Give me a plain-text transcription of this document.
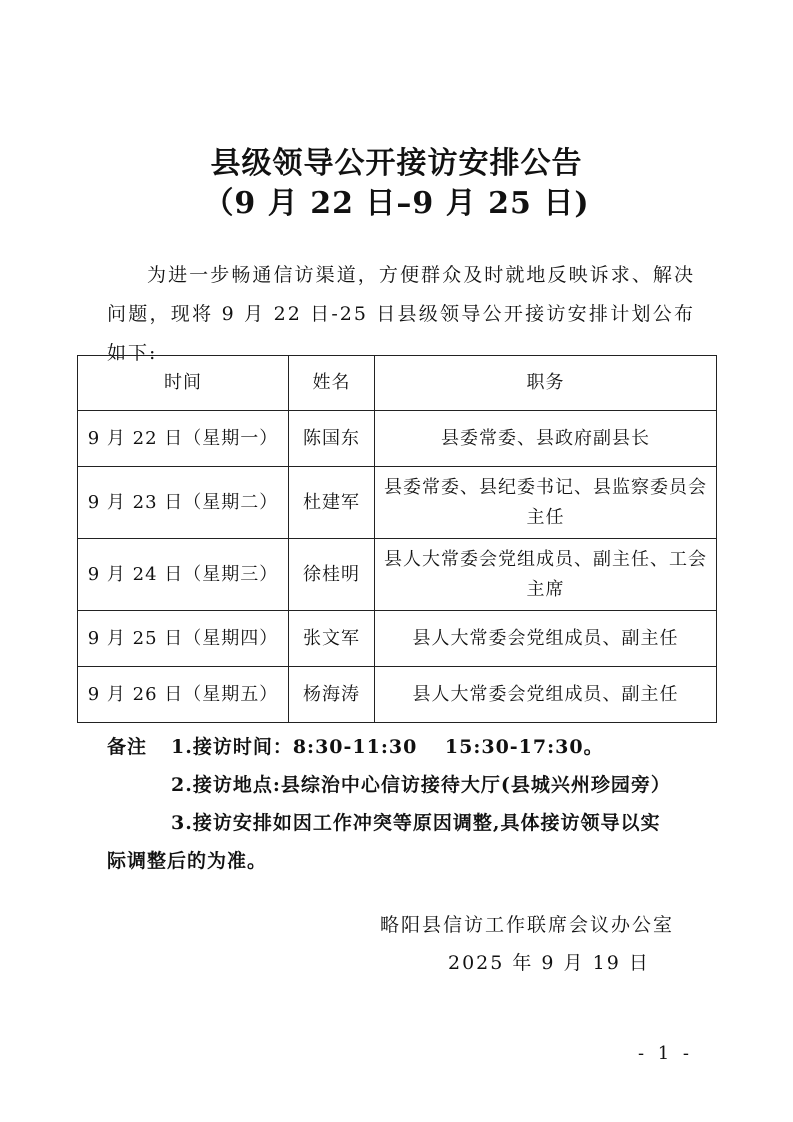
县级领导公开接访安排公告
（9 月 22 日–9 月 25 日)
为进一步畅通信访渠道，方便群众及时就地反映诉求、解决问题，现将 9 月 22 日-25 日县级领导公开接访安排计划公布如下:
时间	姓名	职务
9 月 22 日（星期一）	陈国东	县委常委、县政府副县长
9 月 23 日（星期二）	杜建军	县委常委、县纪委书记、县监察委员会主任
9 月 24 日（星期三）	徐桂明	县人大常委会党组成员、副主任、工会主席
9 月 25 日（星期四）	张文军	县人大常委会党组成员、副主任
9 月 26 日（星期五）	杨海涛	县人大常委会党组成员、副主任
备注 1.接访时间：8:30-11:30　 15:30-17:30。
2.接访地点:县综治中心信访接待大厅(县城兴州珍园旁）
3.接访安排如因工作冲突等原因调整,具体接访领导以实
际调整后的为准。
略阳县信访工作联席会议办公室
2025 年 9 月 19 日
- 1 -
